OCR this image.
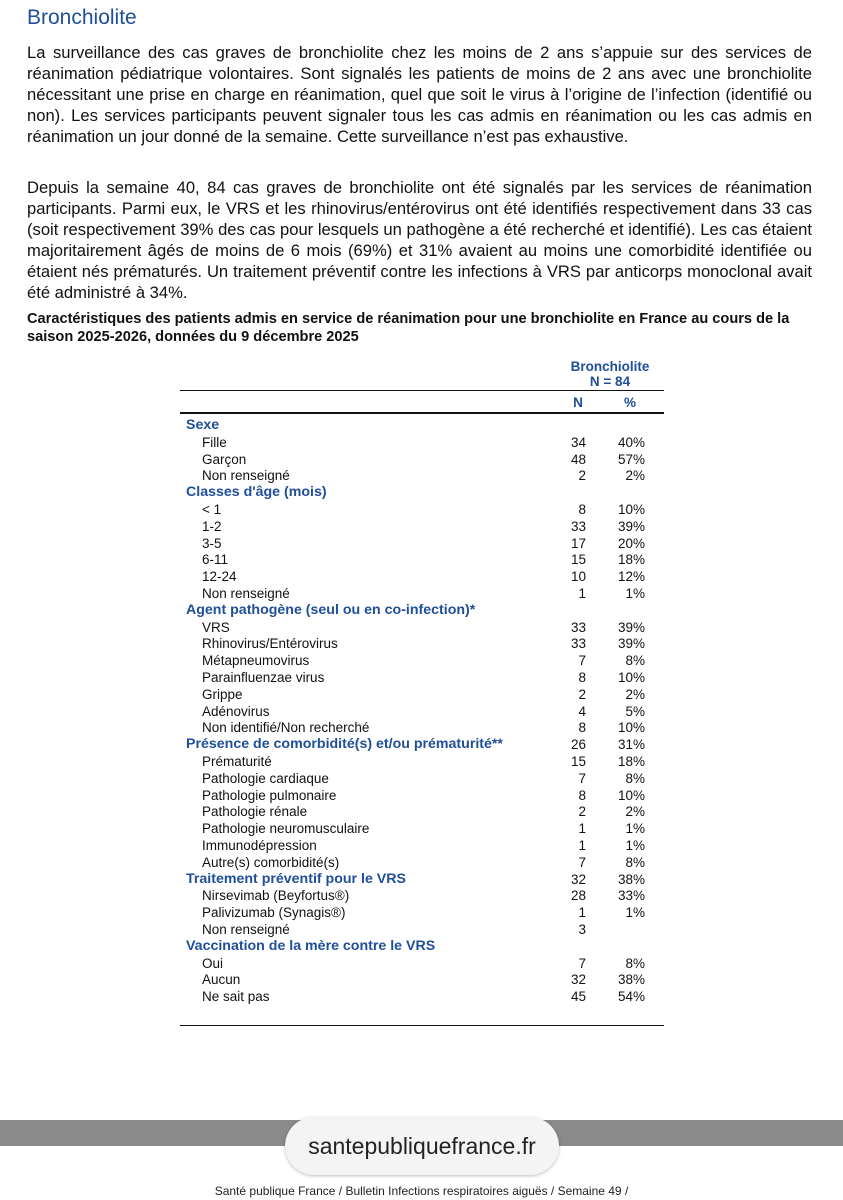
Bronchiolite
La surveillance des cas graves de bronchiolite chez les moins de 2 ans s’appuie sur des services de réanimation pédiatrique volontaires. Sont signalés les patients de moins de 2 ans avec une bronchiolite nécessitant une prise en charge en réanimation, quel que soit le virus à l’origine de l’infection (identifié ou non). Les services participants peuvent signaler tous les cas admis en réanimation ou les cas admis en réanimation un jour donné de la semaine. Cette surveillance n’est pas exhaustive.
Depuis la semaine 40, 84 cas graves de bronchiolite ont été signalés par les services de réanimation participants. Parmi eux, le VRS et les rhinovirus/entérovirus ont été identifiés respectivement dans 33 cas (soit respectivement 39% des cas pour lesquels un pathogène a été recherché et identifié). Les cas étaient majoritairement âgés de moins de 6 mois (69%) et 31% avaient au moins une comorbidité identifiée ou étaient nés prématurés. Un traitement préventif contre les infections à VRS par anticorps monoclonal avait été administré à 34%.
Caractéristiques des patients admis en service de réanimation pour une bronchiolite en France au cours de la saison 2025-2026, données du 9 décembre 2025
Bronchiolite
N = 84
N	%
Sexe
Fille	34	40%
Garçon	48	57%
Non renseigné	2	2%
Classes d'âge (mois)
< 1	8	10%
1-2	33	39%
3-5	17	20%
6-11	15	18%
12-24	10	12%
Non renseigné	1	1%
Agent pathogène (seul ou en co-infection)*
VRS	33	39%
Rhinovirus/Entérovirus	33	39%
Métapneumovirus	7	8%
Parainfluenzae virus	8	10%
Grippe	2	2%
Adénovirus	4	5%
Non identifié/Non recherché	8	10%
Présence de comorbidité(s) et/ou prématurité**	26	31%
Prématurité	15	18%
Pathologie cardiaque	7	8%
Pathologie pulmonaire	8	10%
Pathologie rénale	2	2%
Pathologie neuromusculaire	1	1%
Immunodépression	1	1%
Autre(s) comorbidité(s)	7	8%
Traitement préventif pour le VRS	32	38%
Nirsevimab (Beyfortus®)	28	33%
Palivizumab (Synagis®)	1	1%
Non renseigné	3
Vaccination de la mère contre le VRS
Oui	7	8%
Aucun	32	38%
Ne sait pas	45	54%
santepubliquefrance.fr
Santé publique France / Bulletin Infections respiratoires aiguës / Semaine 49 /
